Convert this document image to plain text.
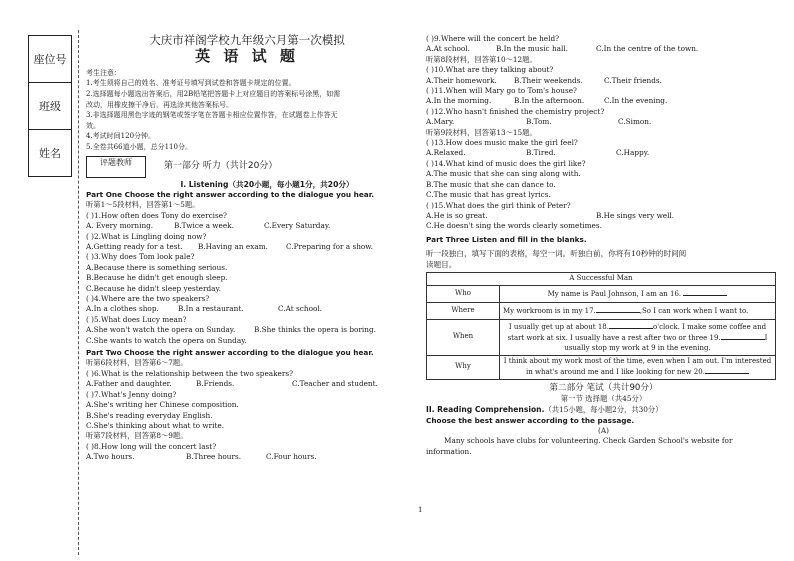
座位号
班级
姓名
大庆市祥阁学校九年级六月第一次模拟
英 语 试 题

考生注意：

1.考生须将自己的姓名、准考证号填写到试卷和答题卡规定的位置。

2.选择题每小题选出答案后，用2B铅笔把答题卡上对应题目的答案标号涂黑，如需

改动，用橡皮擦干净后，再选涂其他答案标号。

3.非选择题用黑色字迹的钢笔或签字笔在答题卡相应位置作答，在试题卷上作答无

效。

4.考试时间120分钟。

5.全卷共66道小题，总分110分。

评题教师	第一部分 听力（共计20分）

I. Listening（共20小题，每小题1分，共20分）

Part One Choose the right answer according to the dialogue you hear.

听第1～5段材料，回答第1～5题。

( )1.How often does Tony do exercise?

A. Every morning.	B.Twice a week.	C.Every Saturday.

( )2.What is Lingling doing now?

A.Getting ready for a test.	B.Having an exam.	C.Preparing for a show.

( )3.Why does Tom look pale?

A.Because there is something serious.

B.Because he didn't get enough sleep.

C.Because he didn't sleep yesterday.

( )4.Where are the two speakers?

A.In a clothes shop.	B.In a restaurant.	C.At school.

( )5.What does Lucy mean?

A.She won't watch the opera on Sunday.	B.She thinks the opera is boring.

C.She wants to watch the opera on Sunday.

Part Two Choose the right answer according to the dialogue you hear.

听第6段材料，回答第6～7题。

( )6.What is the relationship between the two speakers?

A.Father and daughter.	B.Friends.	C.Teacher and student.

( )7.What's Jenny doing?

A.She's writing her Chinese composition.

B.She's reading everyday English.

C.She's thinking about what to write.

听第7段材料，回答第8～9题。

( )8.How long will the concert last?

A.Two hours.	B.Three hours.	C.Four hours.

( )9.Where will the concert be held?

A.At school.	B.In the music hall.	C.In the centre of the town.

听第8段材料，回答第10～12题。

( )10.What are they talking about?

A.Their homework.	B.Their weekends.	C.Their friends.

( )11.When will Mary go to Tom's house?

A.In the morning.	B.In the afternoon.	C.In the evening.

( )12.Who hasn't finished the chemistry project?

A.Mary.	B.Tom.	C.Simon.

听第9段材料，回答第13～15题。

( )13.How does music make the girl feel?

A.Relaxed.	B.Tired.	C.Happy.

( )14.What kind of music does the girl like?

A.The music that she can sing along with.

B.The music that she can dance to.

C.The music that has great lyrics.

( )15.What does the girl think of Peter?

A.He is so great.	B.He sings very well.

C.He doesn't sing the words clearly sometimes.

Part Three Listen and fill in the blanks.

听一段独白，填写下面的表格，每空一词。听独白前，你将有10秒钟的时间阅

读题目。

A Successful Man	
Who	My name is Paul Johnson, I am an 16.
Where	My workroom is in my 17. ,So I can work when I want to.
When	I usually get up at about 18. o'clock. I make some coffee and start work at six. I usually have a rest after two or three 19. I usually stop my work at 9 in the evening.
Why	I think about my work most of the time, even when I am out. I'm interested in what's around me and I like looking for new 20.

第二部分 笔试（共计90分）

第一节 选择题（共45分）

II. Reading Comprehension.（共15小题，每小题2分，共30分）

Choose the best answer according to the passage.

(A)

Many schools have clubs for volunteering. Check Garden School's website for

information.

1
